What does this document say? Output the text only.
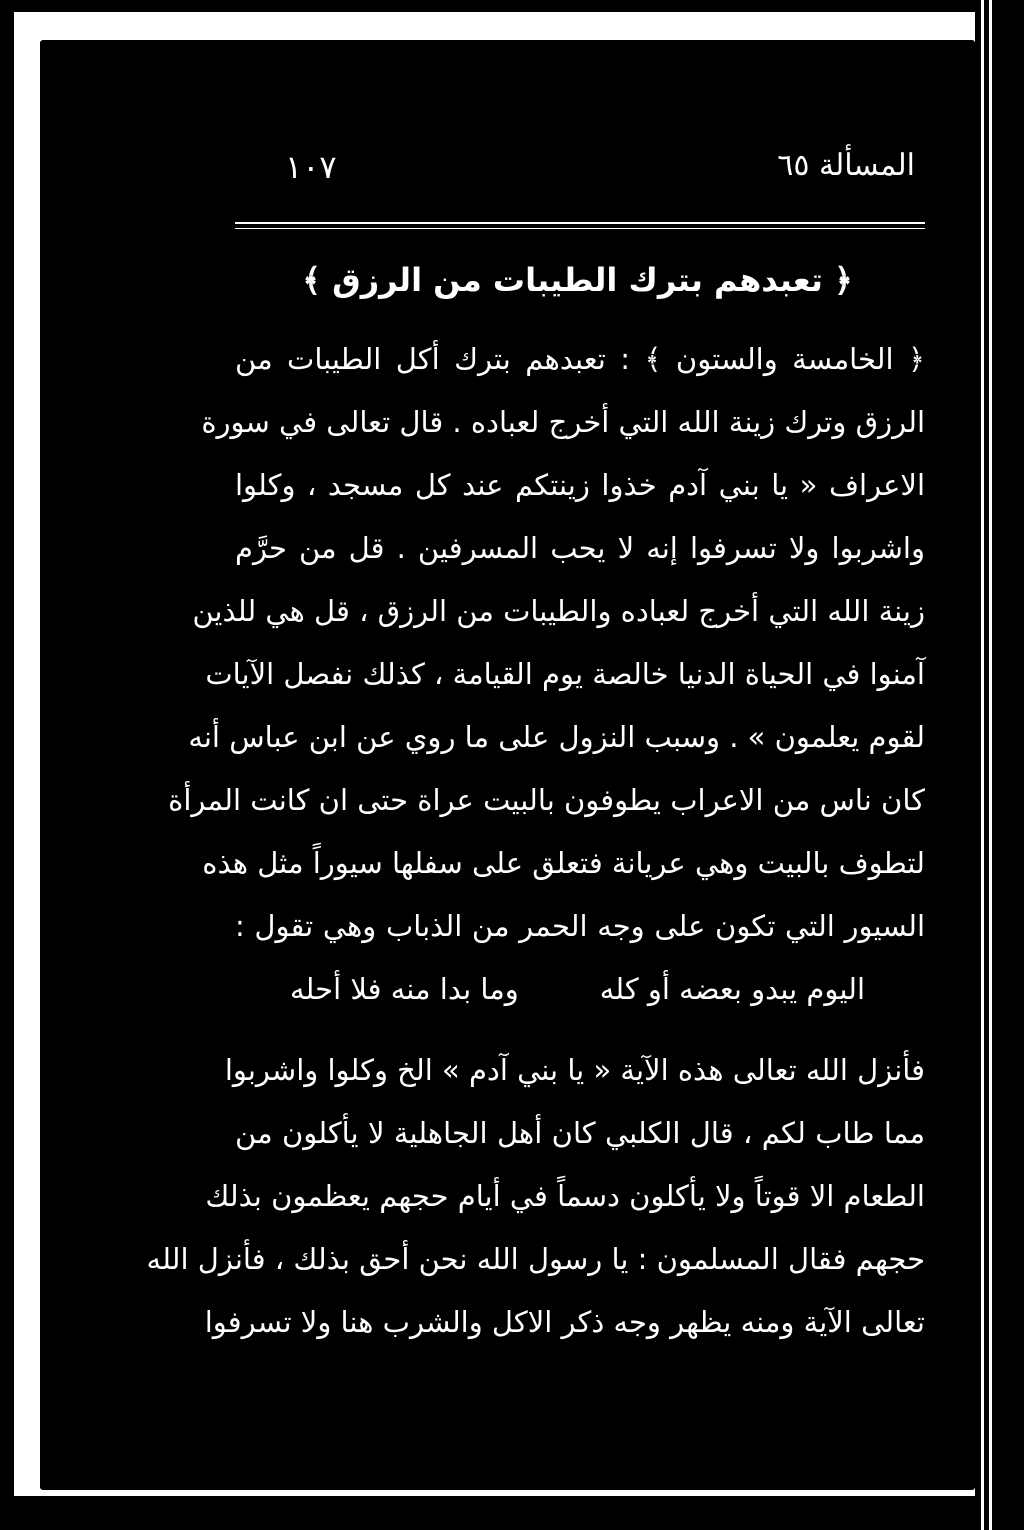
المسألة ٦٥
١٠٧
﴿ تعبدهم بترك الطيبات من الرزق ﴾
﴿ الخامسة والستون ﴾ : تعبدهم بترك أكل الطيبات من
الرزق وترك زينة الله التي أخرج لعباده . قال تعالى في سورة
الاعراف « يا بني آدم خذوا زينتكم عند كل مسجد ، وكلوا
واشربوا ولا تسرفوا إنه لا يحب المسرفين . قل من حرَّم
زينة الله التي أخرج لعباده والطيبات من الرزق ، قل هي للذين
آمنوا في الحياة الدنيا خالصة يوم القيامة ، كذلك نفصل الآيات
لقوم يعلمون » . وسبب النزول على ما روي عن ابن عباس أنه
كان ناس من الاعراب يطوفون بالبيت عراة حتى ان كانت المرأة
لتطوف بالبيت وهي عريانة فتعلق على سفلها سيوراً مثل هذه
السيور التي تكون على وجه الحمر من الذباب وهي تقول :
اليوم يبدو بعضه أو كله
وما بدا منه فلا أحله
فأنزل الله تعالى هذه الآية « يا بني آدم » الخ وكلوا واشربوا
مما طاب لكم ، قال الكلبي كان أهل الجاهلية لا يأكلون من
الطعام الا قوتاً ولا يأكلون دسماً في أيام حجهم يعظمون بذلك
حجهم فقال المسلمون : يا رسول الله نحن أحق بذلك ، فأنزل الله
تعالى الآية ومنه يظهر وجه ذكر الاكل والشرب هنا ولا تسرفوا
